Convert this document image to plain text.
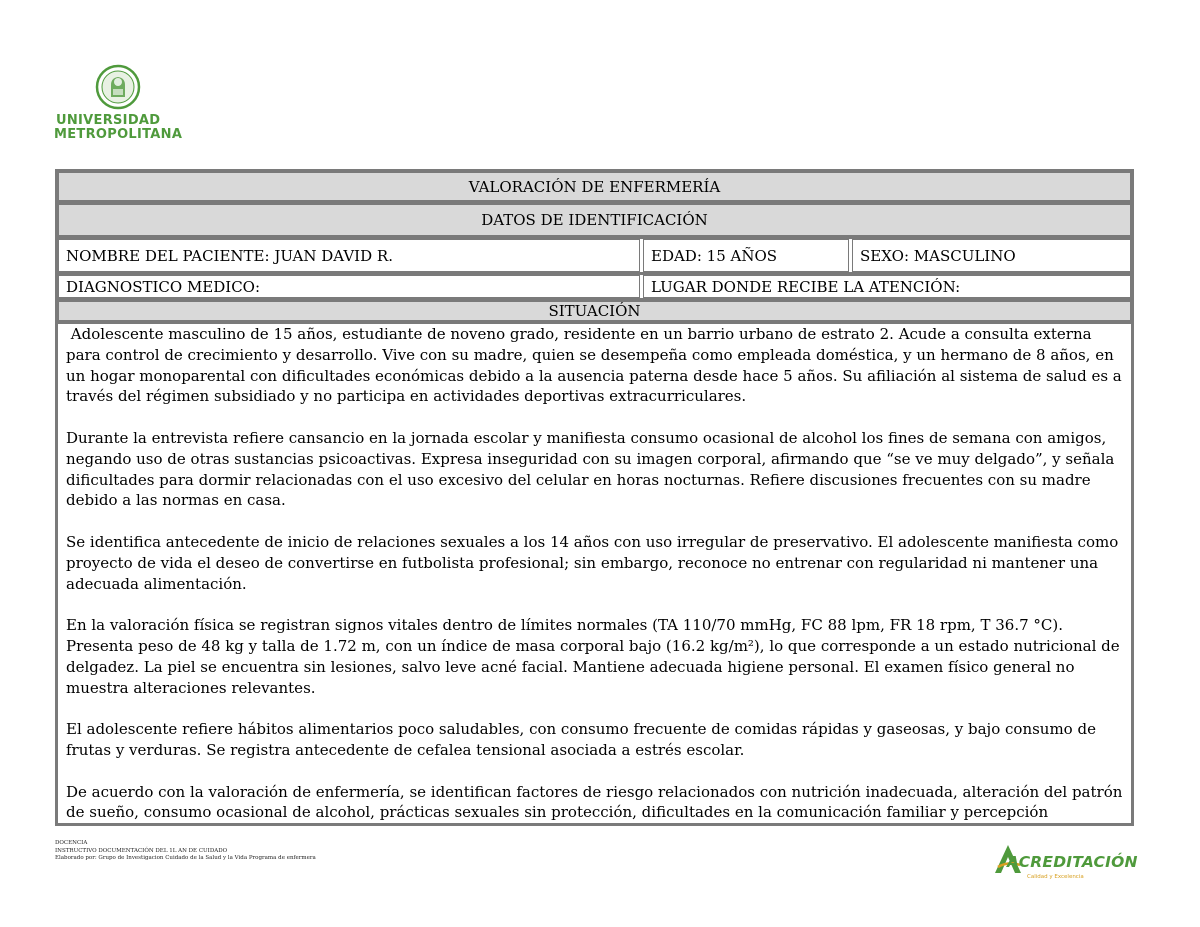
UNIVERSIDAD
METROPOLITANA
VALORACIÓN DE ENFERMERÍA
DATOS DE IDENTIFICACIÓN
NOMBRE DEL PACIENTE: JUAN DAVID R.	EDAD: 15 AÑOS	SEXO: MASCULINO
DIAGNOSTICO MEDICO:	LUGAR DONDE RECIBE LA ATENCIÓN:
SITUACIÓN

Adolescente masculino de 15 años, estudiante de noveno grado, residente en un barrio urbano de estrato 2. Acude a consulta externa para control de crecimiento y desarrollo. Vive con su madre, quien se desempeña como empleada doméstica, y un hermano de 8 años, en un hogar monoparental con dificultades económicas debido a la ausencia paterna desde hace 5 años. Su afiliación al sistema de salud es a través del régimen subsidiado y no participa en actividades deportivas extracurriculares.

Durante la entrevista refiere cansancio en la jornada escolar y manifiesta consumo ocasional de alcohol los fines de semana con amigos, negando uso de otras sustancias psicoactivas. Expresa inseguridad con su imagen corporal, afirmando que “se ve muy delgado”, y señala dificultades para dormir relacionadas con el uso excesivo del celular en horas nocturnas. Refiere discusiones frecuentes con su madre debido a las normas en casa.

Se identifica antecedente de inicio de relaciones sexuales a los 14 años con uso irregular de preservativo. El adolescente manifiesta como proyecto de vida el deseo de convertirse en futbolista profesional; sin embargo, reconoce no entrenar con regularidad ni mantener una adecuada alimentación.

En la valoración física se registran signos vitales dentro de límites normales (TA 110/70 mmHg, FC 88 lpm, FR 18 rpm, T 36.7 °C). Presenta peso de 48 kg y talla de 1.72 m, con un índice de masa corporal bajo (16.2 kg/m²), lo que corresponde a un estado nutricional de delgadez. La piel se encuentra sin lesiones, salvo leve acné facial. Mantiene adecuada higiene personal. El examen físico general no muestra alteraciones relevantes.

El adolescente refiere hábitos alimentarios poco saludables, con consumo frecuente de comidas rápidas y gaseosas, y bajo consumo de frutas y verduras. Se registra antecedente de cefalea tensional asociada a estrés escolar.

De acuerdo con la valoración de enfermería, se identifican factores de riesgo relacionados con nutrición inadecuada, alteración del patrón de sueño, consumo ocasional de alcohol, prácticas sexuales sin protección, dificultades en la comunicación familiar y percepción

DOCENCIA
INSTRUCTIVO DOCUMENTACIÓN DEL 1L AN DE CUIDADO
Elaborado por: Grupo de Investigacion Cuidado de la Salud y la Vida Programa de enfermera	ACREDITACIÓN
Calidad y Excelencia
